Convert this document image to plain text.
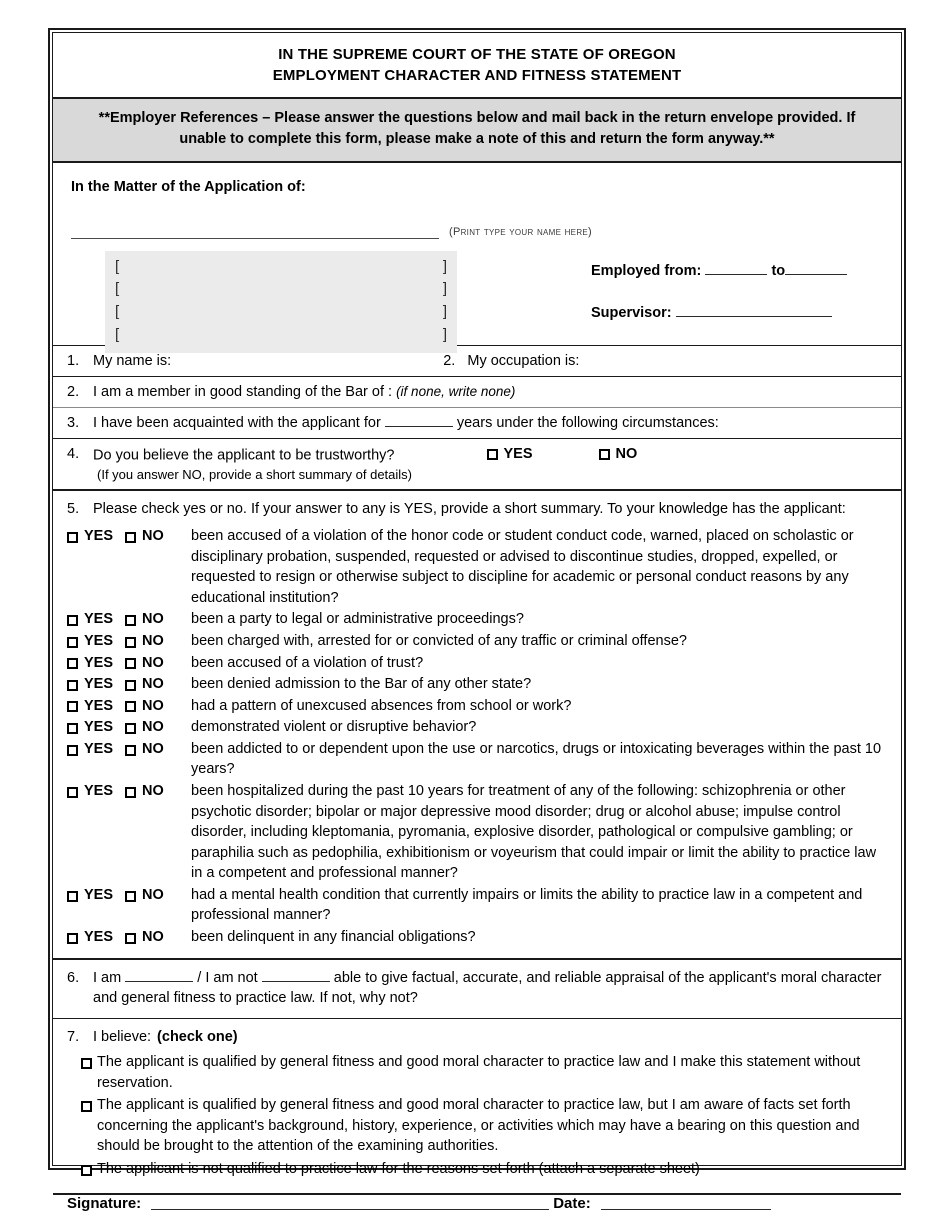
IN THE SUPREME COURT OF THE STATE OF OREGON
EMPLOYMENT CHARACTER AND FITNESS STATEMENT
**Employer References – Please answer the questions below and mail back in the return envelope provided. If unable to complete this form, please make a note of this and return the form anyway.**
In the Matter of the Application of:
(Print type your name here)
[	]
[	]
[	]
[	]
Employed from:	to
Supervisor:
1. My name is:	2. My occupation is:
2. I am a member in good standing of the Bar of : (if none, write none)
3. I have been acquainted with the applicant for	years under the following circumstances:
4. Do you believe the applicant to be trustworthy?	YES	NO
(If you answer NO, provide a short summary of details)
5. Please check yes or no. If your answer to any is YES, provide a short summary. To your knowledge has the applicant:
YES NO been accused of a violation of the honor code or student conduct code, warned, placed on scholastic or disciplinary probation, suspended, requested or advised to discontinue studies, dropped, expelled, or requested to resign or otherwise subject to discipline for academic or personal conduct reasons by any educational institution?
YES NO been a party to legal or administrative proceedings?
YES NO been charged with, arrested for or convicted of any traffic or criminal offense?
YES NO been accused of a violation of trust?
YES NO been denied admission to the Bar of any other state?
YES NO had a pattern of unexcused absences from school or work?
YES NO demonstrated violent or disruptive behavior?
YES NO been addicted to or dependent upon the use or narcotics, drugs or intoxicating beverages within the past 10 years?
YES NO been hospitalized during the past 10 years for treatment of any of the following: schizophrenia or other psychotic disorder; bipolar or major depressive mood disorder; drug or alcohol abuse; impulse control disorder, including kleptomania, pyromania, explosive disorder, pathological or compulsive gambling; or paraphilia such as pedophilia, exhibitionism or voyeurism that could impair or limit the ability to practice law in a competent and professional manner?
YES NO had a mental health condition that currently impairs or limits the ability to practice law in a competent and professional manner?
YES NO been delinquent in any financial obligations?
6. I am	/ I am not	able to give factual, accurate, and reliable appraisal of the applicant's moral character and general fitness to practice law. If not, why not?
7. I believe: (check one)
The applicant is qualified by general fitness and good moral character to practice law and I make this statement without reservation.
The applicant is qualified by general fitness and good moral character to practice law, but I am aware of facts set forth concerning the applicant's background, history, experience, or activities which may have a bearing on this question and should be brought to the attention of the examining authorities.
The applicant is not qualified to practice law for the reasons set forth (attach a separate sheet)
Signature:	Date:
